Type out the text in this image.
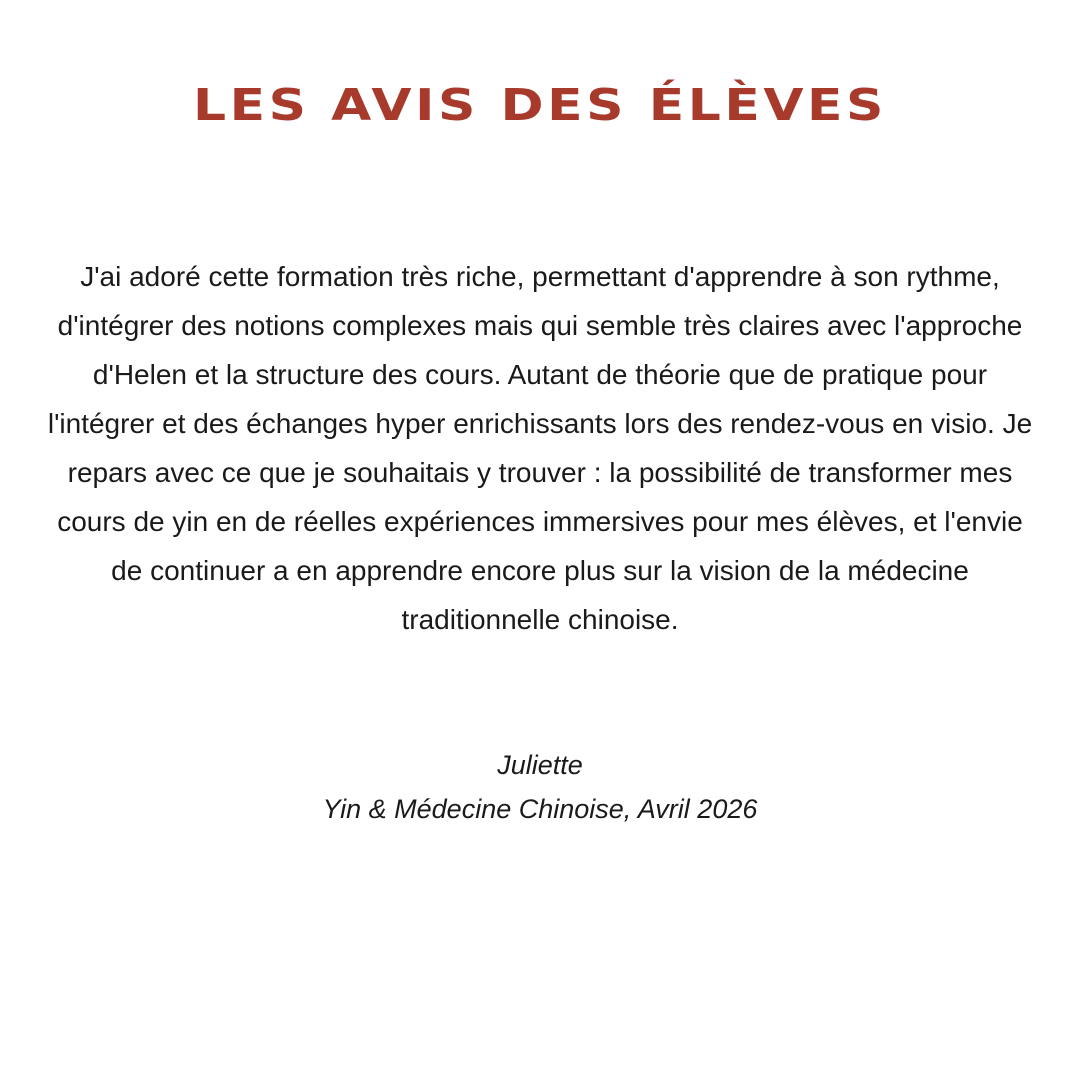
LES AVIS DES ÉLÈVES

J'ai adoré cette formation très riche, permettant d'apprendre à son rythme, d'intégrer des notions complexes mais qui semble très claires avec l'approche d'Helen et la structure des cours. Autant de théorie que de pratique pour l'intégrer et des échanges hyper enrichissants lors des rendez-vous en visio. Je repars avec ce que je souhaitais y trouver : la possibilité de transformer mes cours de yin en de réelles expériences immersives pour mes élèves, et l'envie de continuer a en apprendre encore plus sur la vision de la médecine traditionnelle chinoise.

Juliette
Yin & Médecine Chinoise, Avril 2026
